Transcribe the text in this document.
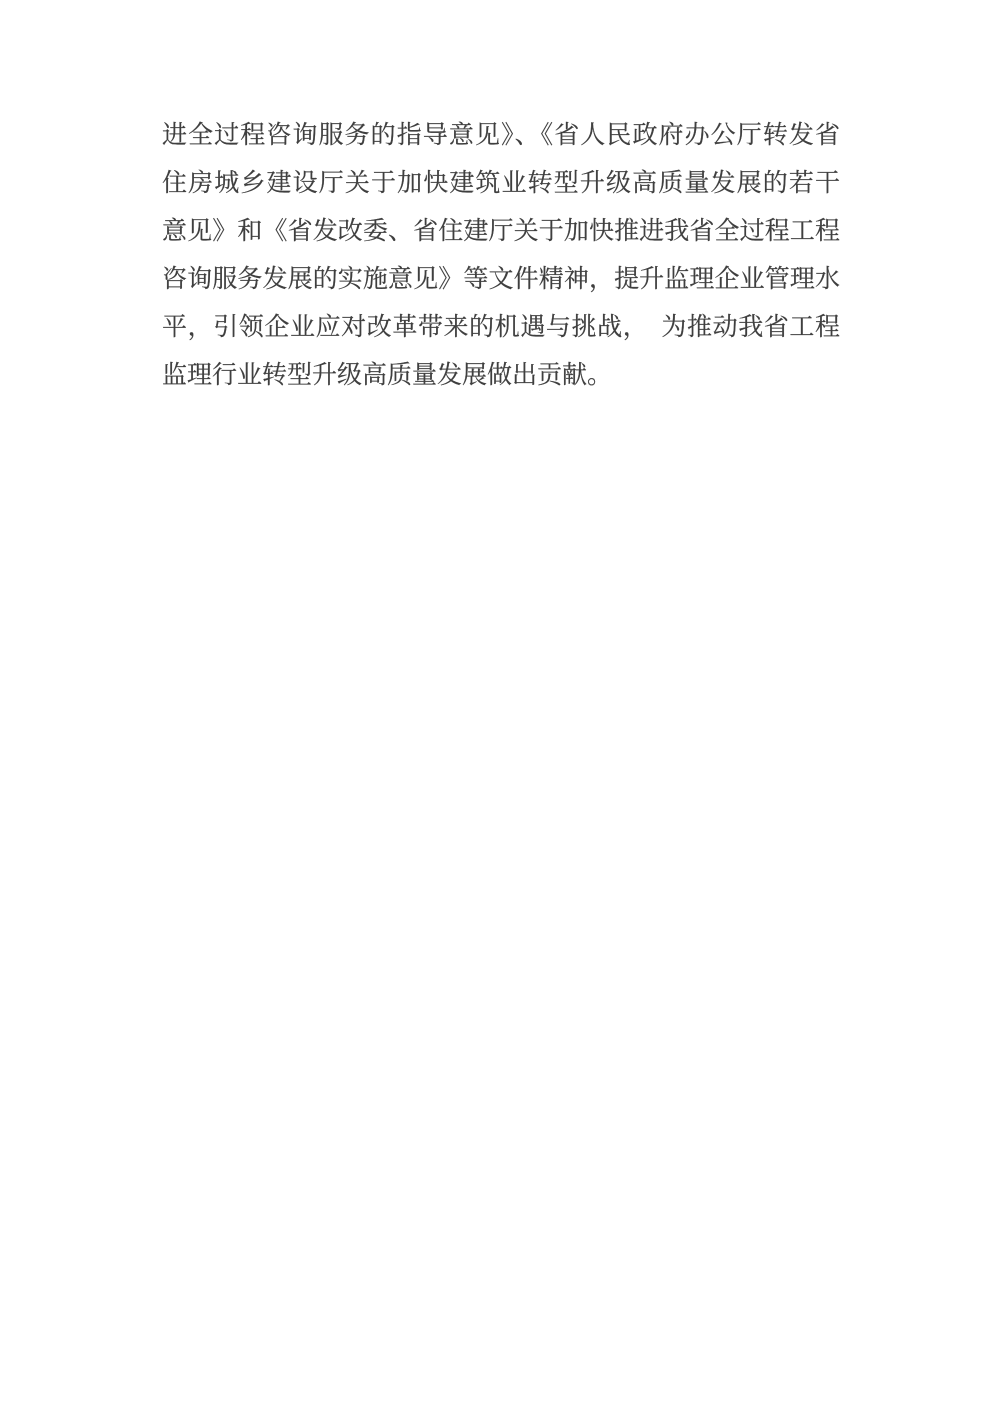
进全过程咨询服务的指导意见》、《省人民政府办公厅转发省
住房城乡建设厅关于加快建筑业转型升级高质量发展的若干
意见》和《省发改委、省住建厅关于加快推进我省全过程工程
咨询服务发展的实施意见》等文件精神，提升监理企业管理水
平，引领企业应对改革带来的机遇与挑战，　为推动我省工程
监理行业转型升级高质量发展做出贡献。
